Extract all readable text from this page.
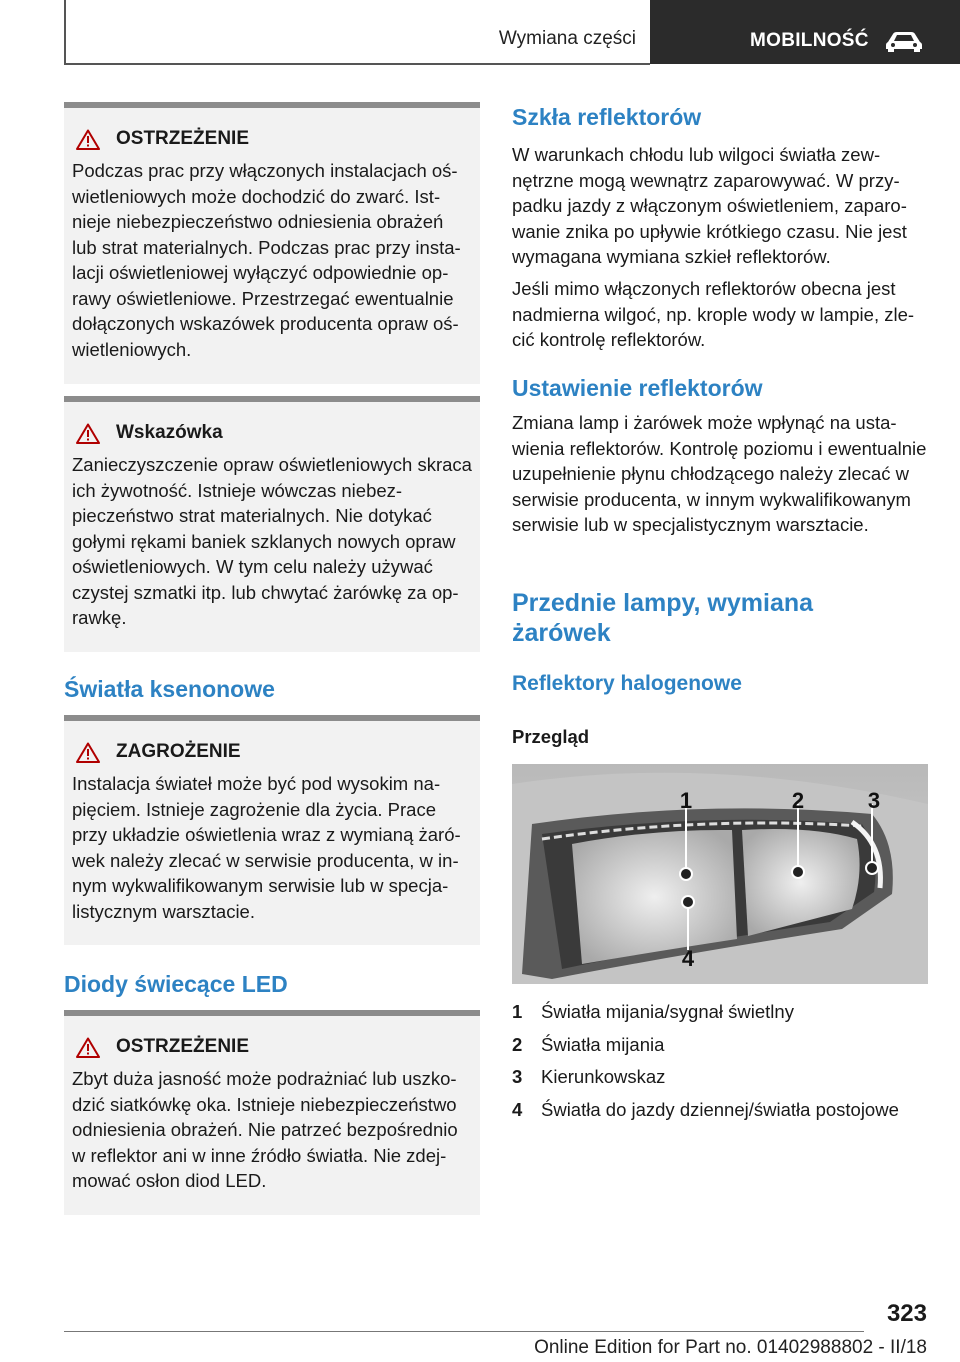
Wymiana części	MOBILNOŚĆ
OSTRZEŻENIE
Podczas prac przy włączonych instalacjach oświetleniowych może dochodzić do zwarć. Istnieje niebezpieczeństwo odniesienia obrażeń lub strat materialnych. Podczas prac przy instalacji oświetleniowej wyłączyć odpowiednie oprawy oświetleniowe. Przestrzegać ewentualnie dołączonych wskazówek producenta opraw oświetleniowych.
Wskazówka
Zanieczyszczenie opraw oświetleniowych skraca ich żywotność. Istnieje wówczas niebezpieczeństwo strat materialnych. Nie dotykać gołymi rękami baniek szklanych nowych opraw oświetleniowych. W tym celu należy używać czystej szmatki itp. lub chwytać żarówkę za oprawkę.
Światła ksenonowe
ZAGROŻENIE
Instalacja świateł może być pod wysokim napięciem. Istnieje zagrożenie dla życia. Prace przy układzie oświetlenia wraz z wymianą żarówek należy zlecać w serwisie producenta, w innym wykwalifikowanym serwisie lub w specjalistycznym warsztacie.
Diody świecące LED
OSTRZEŻENIE
Zbyt duża jasność może podrażniać lub uszkodzić siatkówkę oka. Istnieje niebezpieczeństwo odniesienia obrażeń. Nie patrzeć bezpośrednio w reflektor ani w inne źródło światła. Nie zdejmować osłon diod LED.
Szkła reflektorów
W warunkach chłodu lub wilgoci światła zewnętrzne mogą wewnątrz zaparowywać. W przypadku jazdy z włączonym oświetleniem, zaparowanie znika po upływie krótkiego czasu. Nie jest wymagana wymiana szkieł reflektorów.
Jeśli mimo włączonych reflektorów obecna jest nadmierna wilgoć, np. krople wody w lampie, zlecić kontrolę reflektorów.
Ustawienie reflektorów
Zmiana lamp i żarówek może wpłynąć na ustawienia reflektorów. Kontrolę poziomu i ewentualnie uzupełnienie płynu chłodzącego należy zlecać w serwisie producenta, w innym wykwalifikowanym serwisie lub w specjalistycznym warsztacie.
Przednie lampy, wymiana
żarówek
Reflektory halogenowe
Przegląd
1	2	3
4
1	Światła mijania/sygnał świetlny
2	Światła mijania
3	Kierunkowskaz
4	Światła do jazdy dziennej/światła postojowe
323
Online Edition for Part no. 01402988802 - II/18
